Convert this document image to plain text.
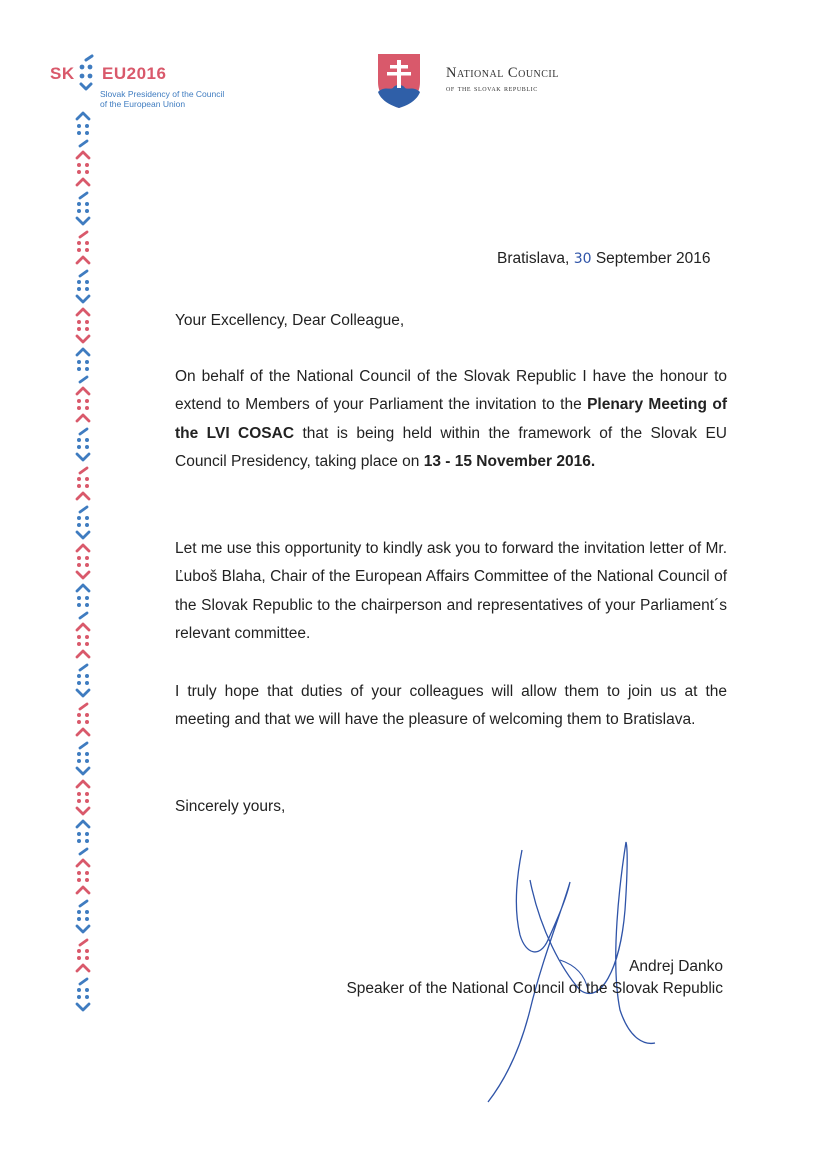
SK EU2016
Slovak Presidency of the Council
of the European Union
National Council
of the slovak republic
Bratislava, 30 September 2016

Your Excellency, Dear Colleague,

On behalf of the National Council of the Slovak Republic I have the honour to extend to Members of your Parliament the invitation to the Plenary Meeting of the LVI COSAC that is being held within the framework of the Slovak EU Council Presidency, taking place on 13 - 15 November 2016.

Let me use this opportunity to kindly ask you to forward the invitation letter of Mr. Ľuboš Blaha, Chair of the European Affairs Committee of the National Council of the Slovak Republic to the chairperson and representatives of your Parliament´s relevant committee.

I truly hope that duties of your colleagues will allow them to join us at the meeting and that we will have the pleasure of welcoming them to Bratislava.

Sincerely yours,

Andrej Danko
Speaker of the National Council of the Slovak Republic
